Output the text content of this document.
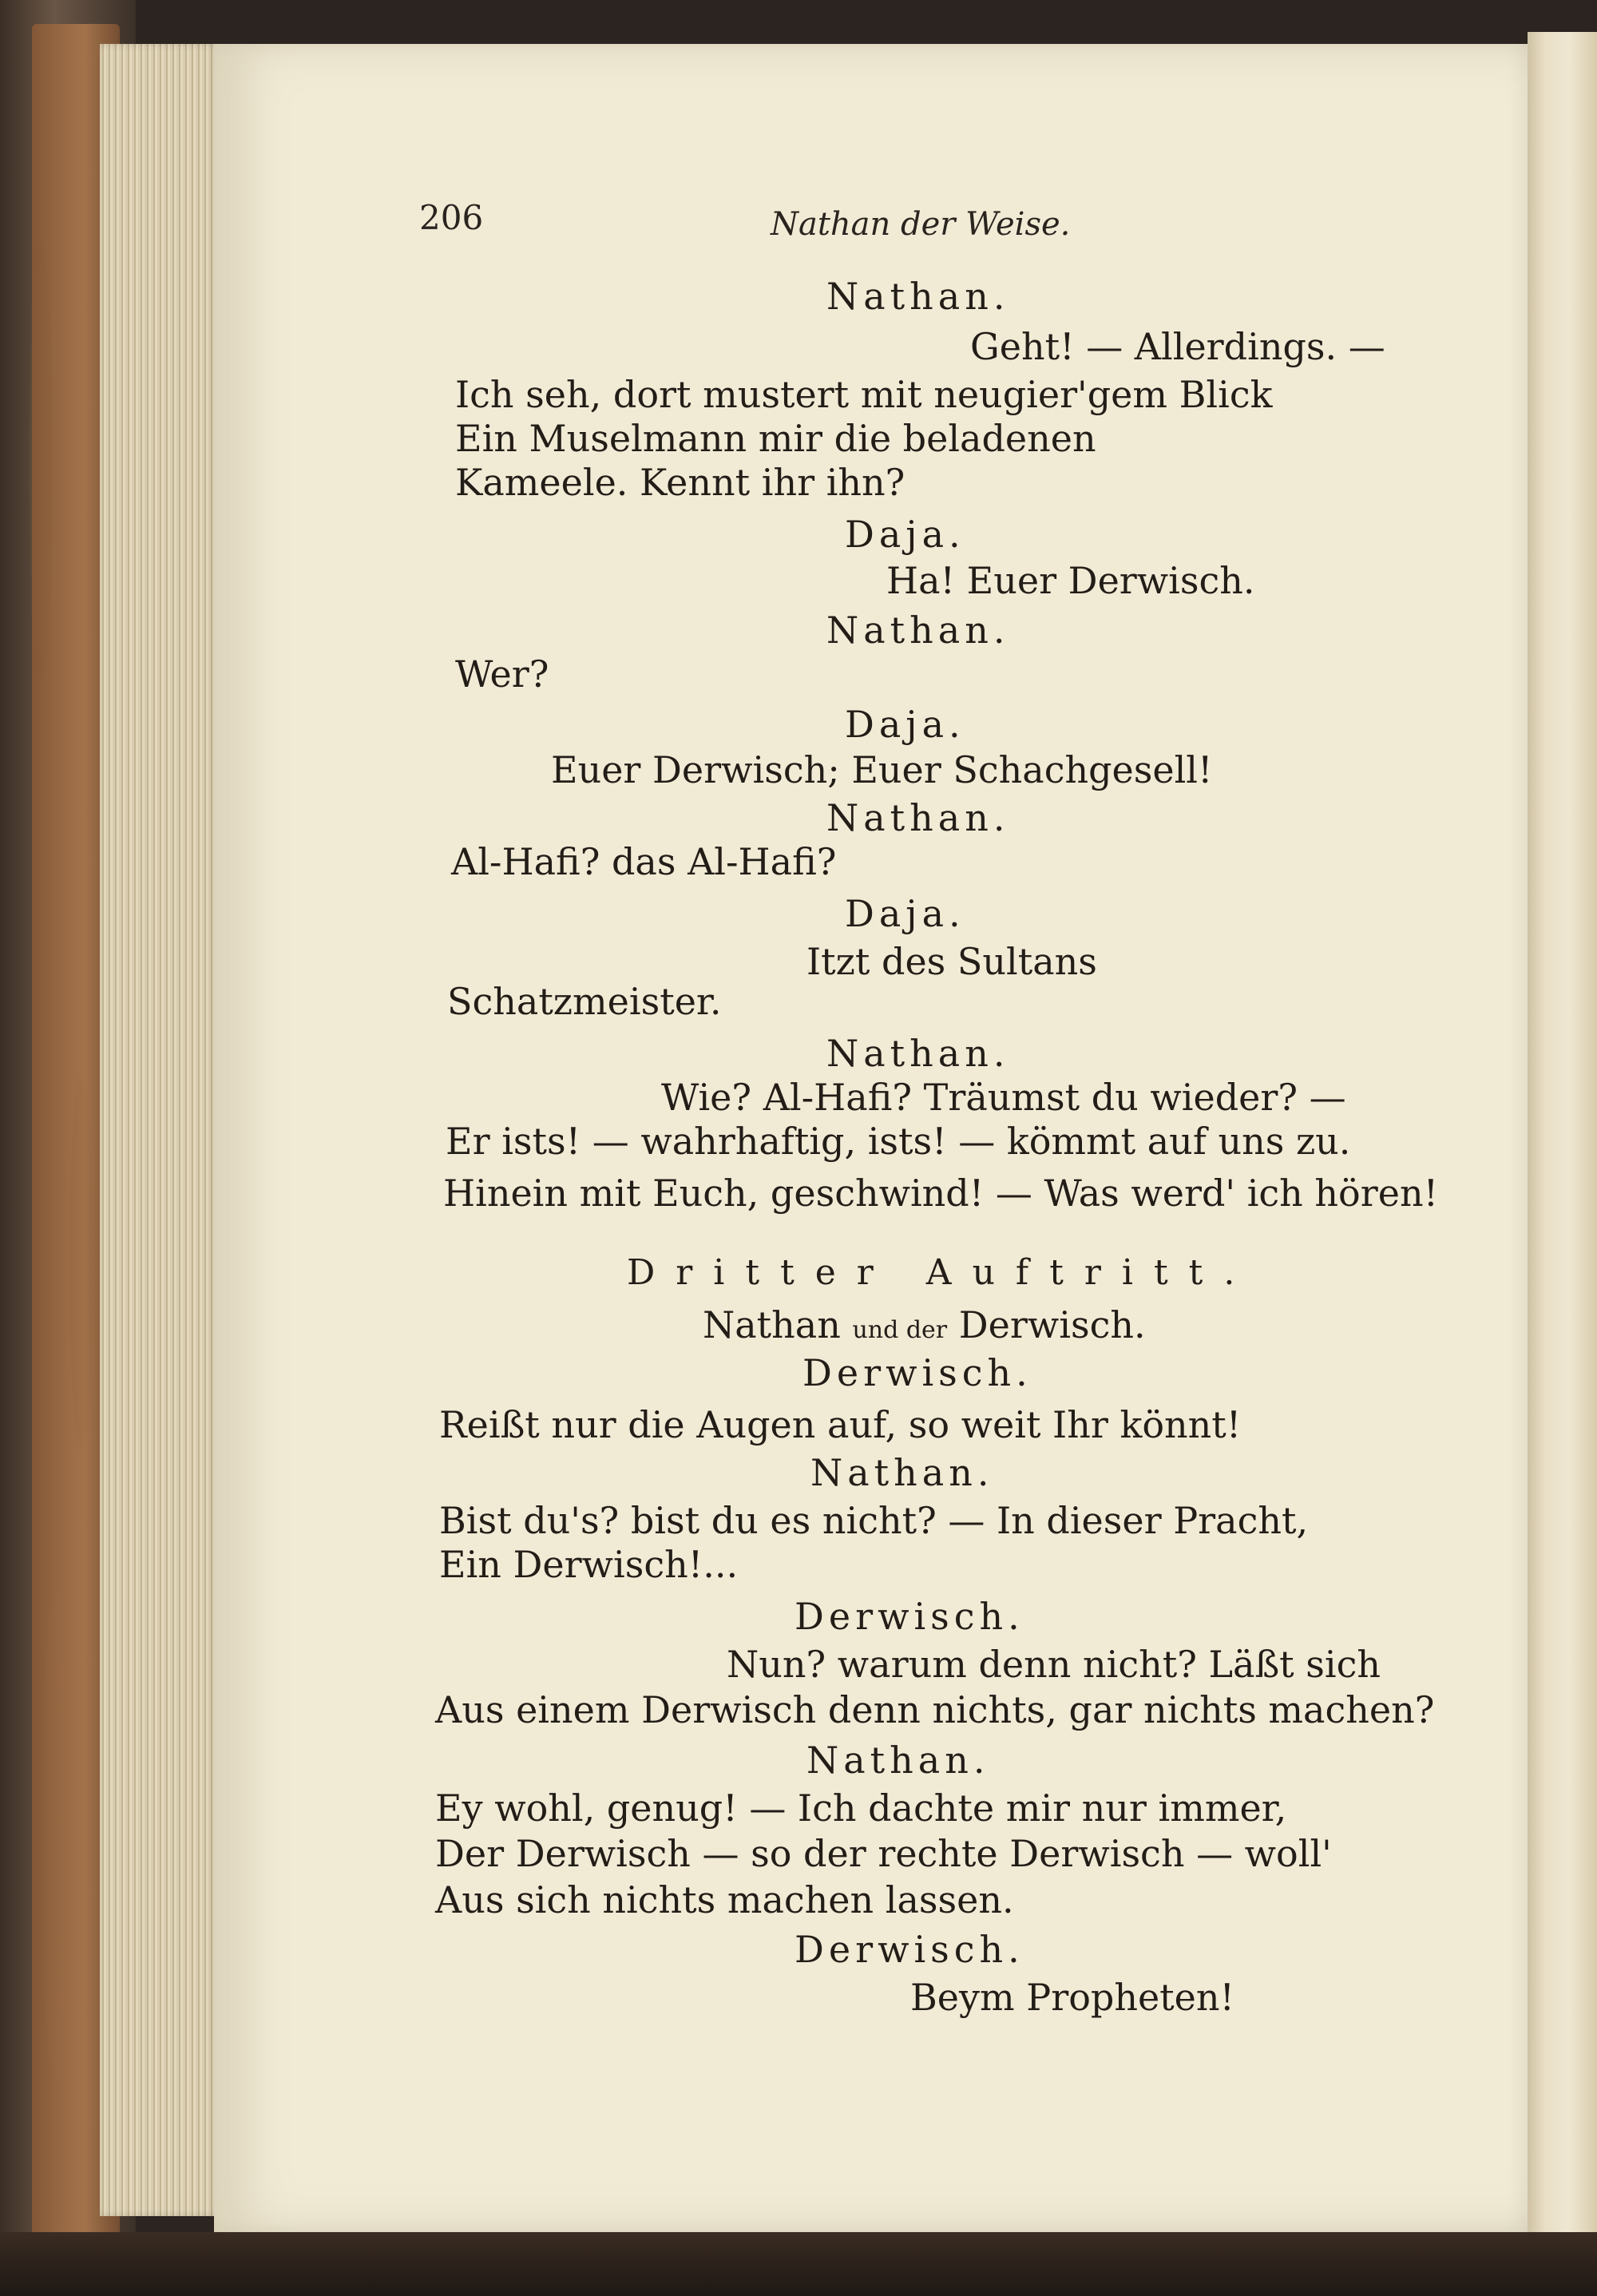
206	Nathan der Weise.
Nathan.
Geht! — Allerdings. —
Ich seh, dort mustert mit neugier'gem Blick
Ein Muselmann mir die beladenen
Kameele. Kennt ihr ihn?
Daja.
Ha! Euer Derwisch.
Nathan.
Wer?
Daja.
Euer Derwisch; Euer Schachgesell!
Nathan.
Al-Hafi? das Al-Hafi?
Daja.
Itzt des Sultans
Schatzmeister.
Nathan.
Wie? Al-Hafi? Träumst du wieder? —
Er ists! — wahrhaftig, ists! — kömmt auf uns zu.
Hinein mit Euch, geschwind! — Was werd' ich hören!
Dritter Auftritt.
Nathan und der Derwisch.
Derwisch.
Reißt nur die Augen auf, so weit Ihr könnt!
Nathan.
Bist du's? bist du es nicht? — In dieser Pracht,
Ein Derwisch!...
Derwisch.
Nun? warum denn nicht? Läßt sich
Aus einem Derwisch denn nichts, gar nichts machen?
Nathan.
Ey wohl, genug! — Ich dachte mir nur immer,
Der Derwisch — so der rechte Derwisch — woll'
Aus sich nichts machen lassen.
Derwisch.
Beym Propheten!
